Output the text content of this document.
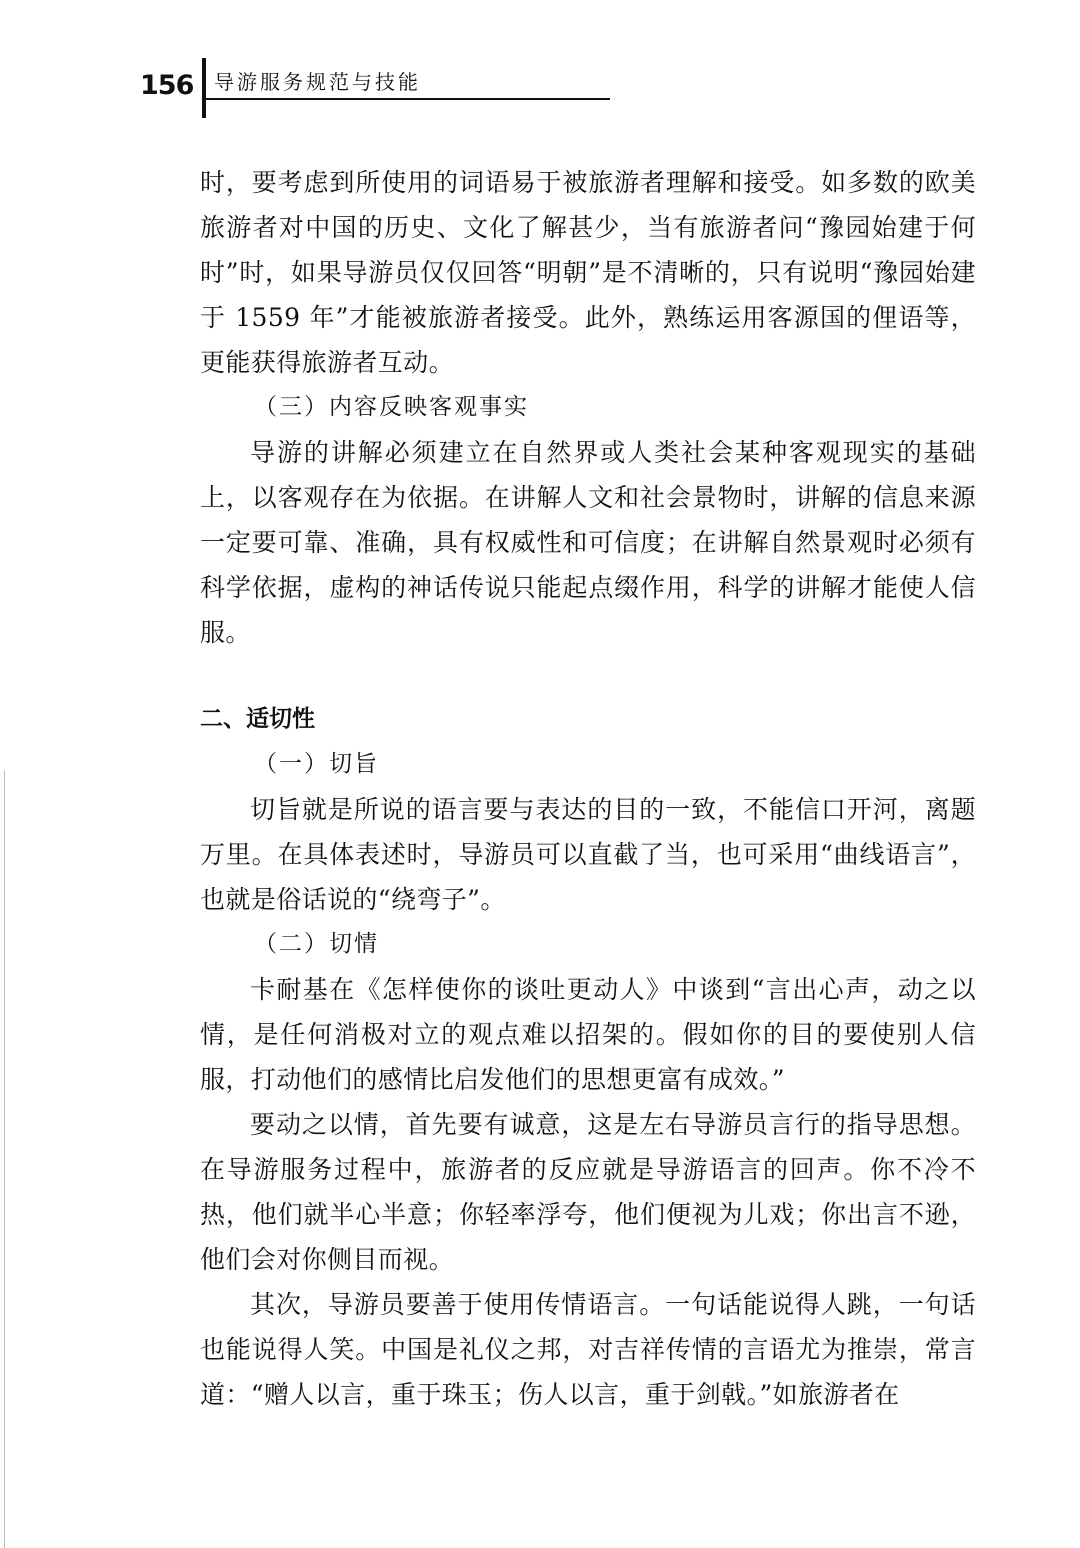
156 导游服务规范与技能

时，要考虑到所使用的词语易于被旅游者理解和接受。如多数的欧美旅游者对中国的历史、文化了解甚少，当有旅游者问“豫园始建于何时”时，如果导游员仅仅回答“明朝”是不清晰的，只有说明“豫园始建于 1559 年”才能被旅游者接受。此外，熟练运用客源国的俚语等，更能获得旅游者互动。

（三）内容反映客观事实

导游的讲解必须建立在自然界或人类社会某种客观现实的基础上，以客观存在为依据。在讲解人文和社会景物时，讲解的信息来源一定要可靠、准确，具有权威性和可信度；在讲解自然景观时必须有科学依据，虚构的神话传说只能起点缀作用，科学的讲解才能使人信服。

二、适切性

（一）切旨

切旨就是所说的语言要与表达的目的一致，不能信口开河，离题万里。在具体表述时，导游员可以直截了当，也可采用“曲线语言”，也就是俗话说的“绕弯子”。

（二）切情

卡耐基在《怎样使你的谈吐更动人》中谈到“言出心声，动之以情，是任何消极对立的观点难以招架的。假如你的目的要使别人信服，打动他们的感情比启发他们的思想更富有成效。”

要动之以情，首先要有诚意，这是左右导游员言行的指导思想。在导游服务过程中，旅游者的反应就是导游语言的回声。你不冷不热，他们就半心半意；你轻率浮夸，他们便视为儿戏；你出言不逊，他们会对你侧目而视。

其次，导游员要善于使用传情语言。一句话能说得人跳，一句话也能说得人笑。中国是礼仪之邦，对吉祥传情的言语尤为推崇，常言道：“赠人以言，重于珠玉；伤人以言，重于剑戟。”如旅游者在
